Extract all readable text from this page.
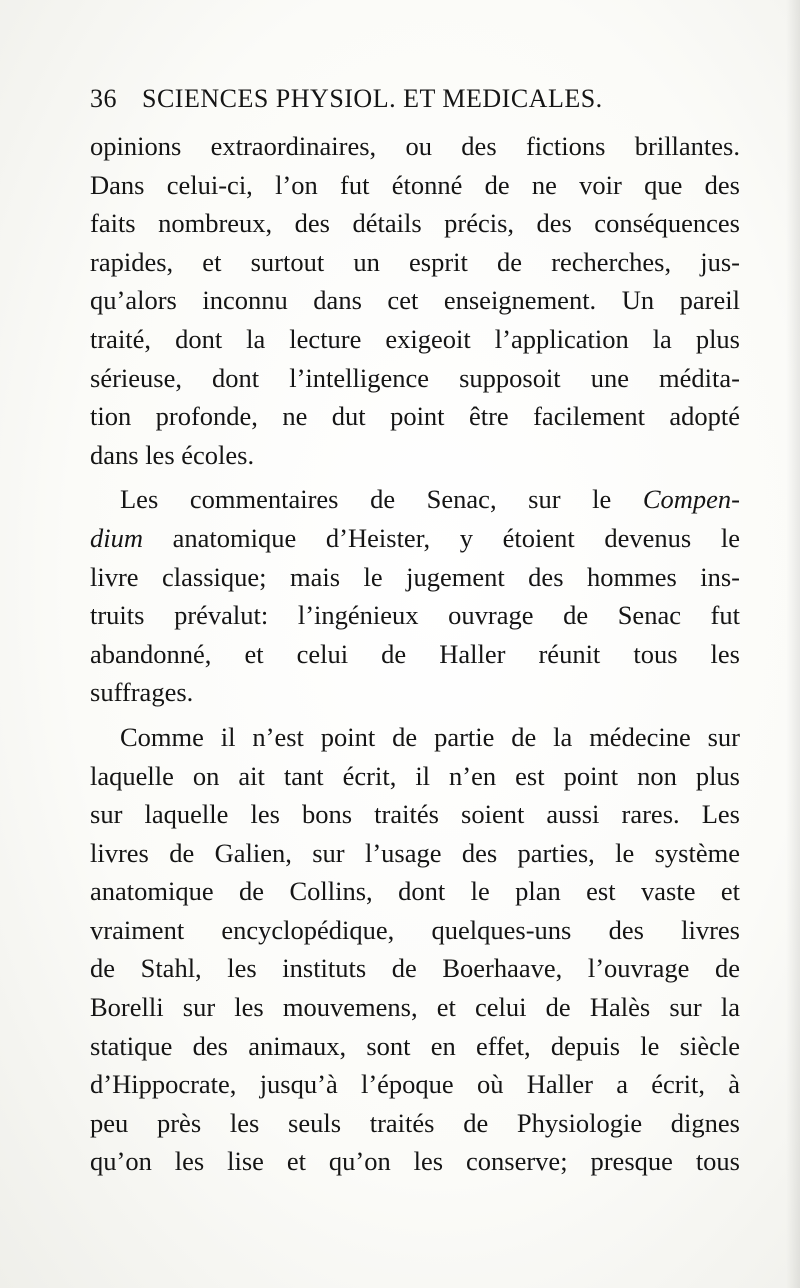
36 SCIENCES PHYSIOL. ET MEDICALES.
opinions extraordinaires, ou des fictions brillantes.
Dans celui-ci, l’on fut étonné de ne voir que des
faits nombreux, des détails précis, des conséquences
rapides, et surtout un esprit de recherches, jus-
qu’alors inconnu dans cet enseignement. Un pareil
traité, dont la lecture exigeoit l’application la plus
sérieuse, dont l’intelligence supposoit une médita-
tion profonde, ne dut point être facilement adopté
dans les écoles.
Les commentaires de Senac, sur le Compen-
dium anatomique d’Heister, y étoient devenus le
livre classique; mais le jugement des hommes ins-
truits prévalut: l’ingénieux ouvrage de Senac fut
abandonné, et celui de Haller réunit tous les
suffrages.
Comme il n’est point de partie de la médecine sur
laquelle on ait tant écrit, il n’en est point non plus
sur laquelle les bons traités soient aussi rares. Les
livres de Galien, sur l’usage des parties, le système
anatomique de Collins, dont le plan est vaste et
vraiment encyclopédique, quelques-uns des livres
de Stahl, les instituts de Boerhaave, l’ouvrage de
Borelli sur les mouvemens, et celui de Halès sur la
statique des animaux, sont en effet, depuis le siècle
d’Hippocrate, jusqu’à l’époque où Haller a écrit, à
peu près les seuls traités de Physiologie dignes
qu’on les lise et qu’on les conserve; presque tous
